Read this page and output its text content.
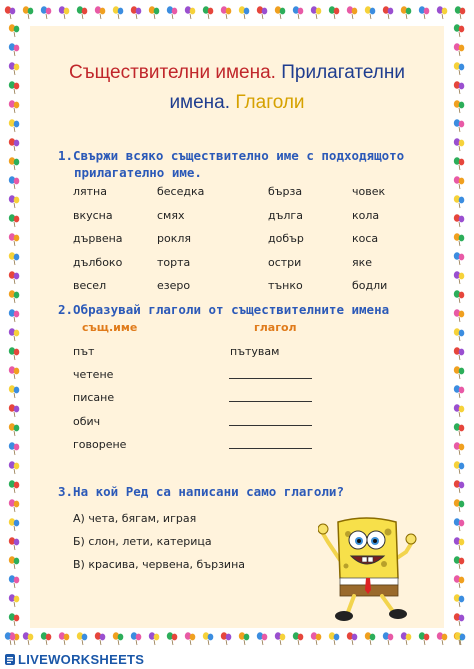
Съществителни имена. Прилагателни
имена. Глаголи
1.Свържи всяко съществително име с подходящото
прилагателно име.
лятна	беседка	бърза	човек
вкусна	смях	дълга	кола
дървена	рокля	добър	коса
дълбоко	торта	остри	яке
весел	езеро	тънко	бодли
2.Образувай глаголи от съществителните имена
същ.име	глагол
път	пътувам
четене
писане
обич
говорене
3.На кой Ред са написани само глаголи?
А) чета, бягам, играя
Б) слон, лети, катерица
В) красива, червена, бързина
LIVEWORKSHEETS
